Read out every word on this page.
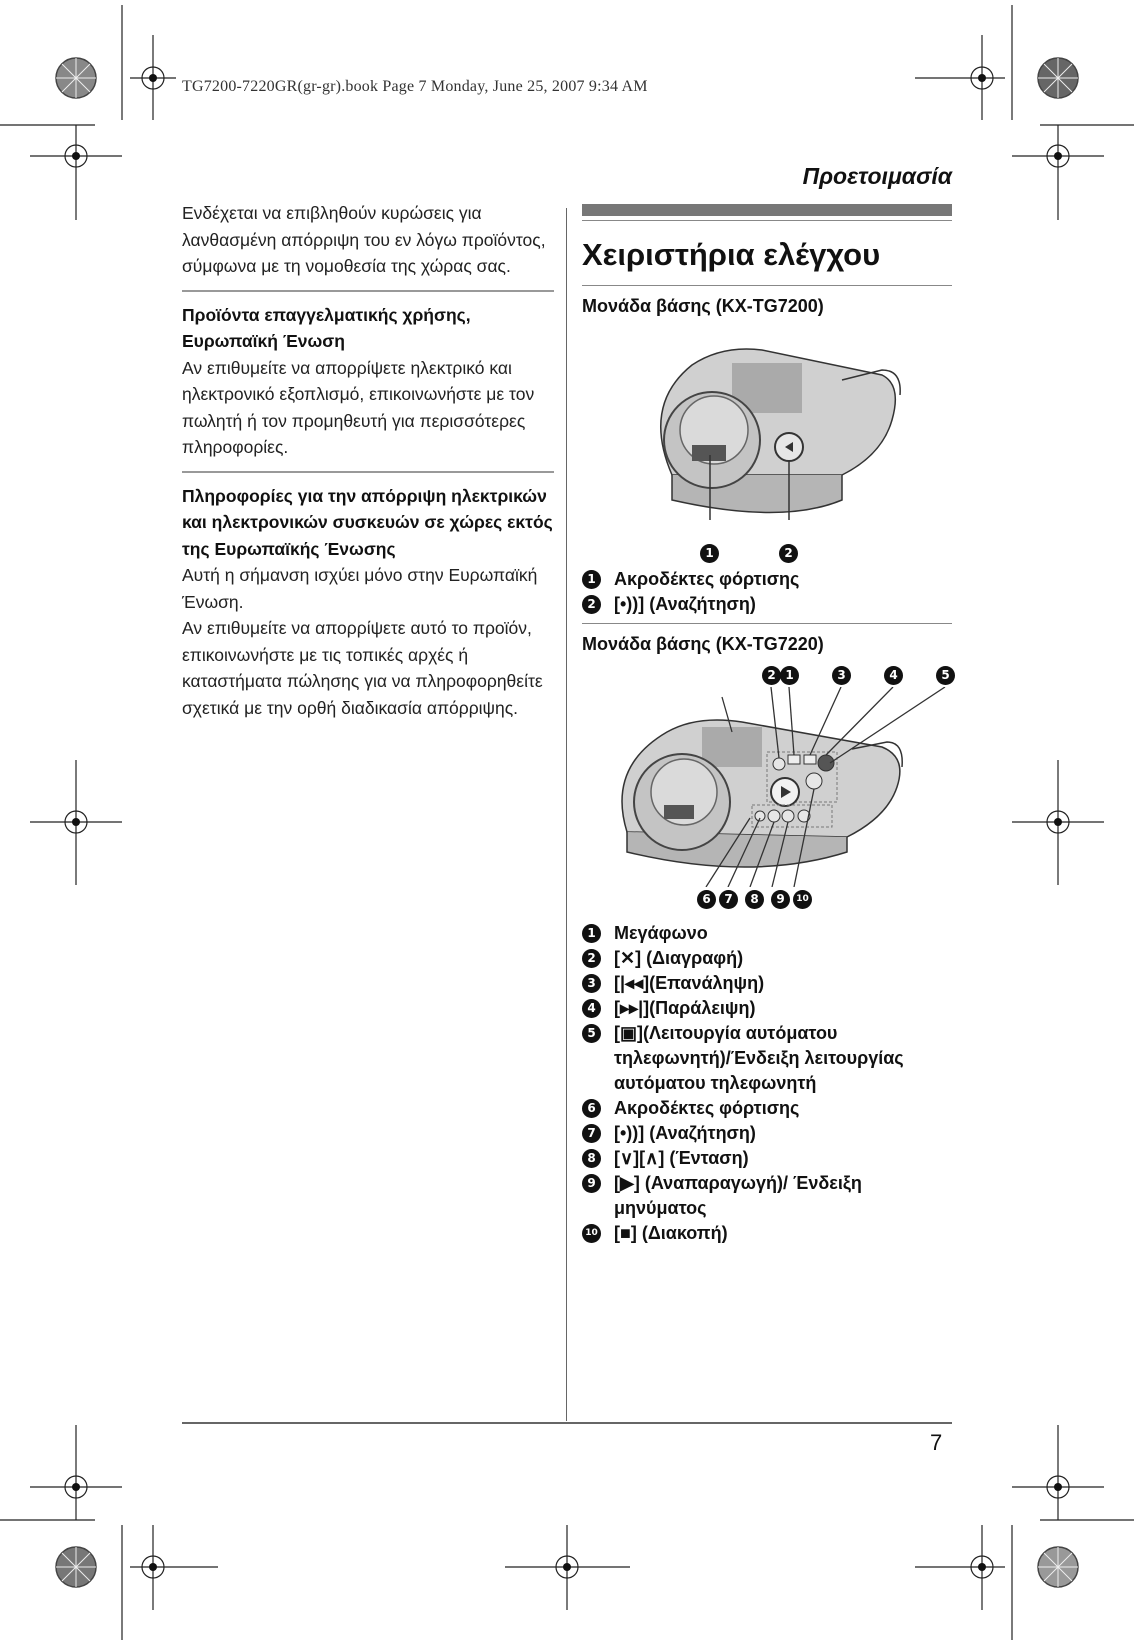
TG7200-7220GR(gr-gr).book Page 7 Monday, June 25, 2007 9:34 AM
Προετοιμασία

Ενδέχεται να επιβληθούν κυρώσεις για λανθασμένη απόρριψη του εν λόγω προϊόντος, σύμφωνα με τη νομοθεσία της χώρας σας.

Προϊόντα επαγγελματικής χρήσης, Ευρωπαϊκή Ένωση

Αν επιθυμείτε να απορρίψετε ηλεκτρικό και ηλεκτρονικό εξοπλισμό, επικοινωνήστε με τον πωλητή ή τον προμηθευτή για περισσότερες πληροφορίες.

Πληροφορίες για την απόρριψη ηλεκτρικών και ηλεκτρονικών συσκευών σε χώρες εκτός της Ευρωπαϊκής Ένωσης

Αυτή η σήμανση ισχύει μόνο στην Ευρωπαϊκή Ένωση.

Αν επιθυμείτε να απορρίψετε αυτό το προϊόν, επικοινωνήστε με τις τοπικές αρχές ή καταστήματα πώλησης για να πληροφορηθείτε σχετικά με την ορθή διαδικασία απόρριψης.

Χειριστήρια ελέγχου
Μονάδα βάσης (KX-TG7200)
1	2
1 Ακροδέκτες φόρτισης
2 [•))] (Αναζήτηση)
Μονάδα βάσης (KX-TG7220)
2 1	3	4	5
6	7	8	9	10
1 Μεγάφωνο
2 [✕] (Διαγραφή)
3 [|◂◂](Επανάληψη)
4 [▸▸|](Παράλειψη)
5 [▣](Λειτουργία αυτόματου τηλεφωνητή)/Ένδειξη λειτουργίας αυτόματου τηλεφωνητή
6 Ακροδέκτες φόρτισης
7 [•))] (Αναζήτηση)
8 [∨][∧] (Ένταση)
9 [▶] (Αναπαραγωγή)/ Ένδειξη μηνύματος
10 [■] (Διακοπή)
7
